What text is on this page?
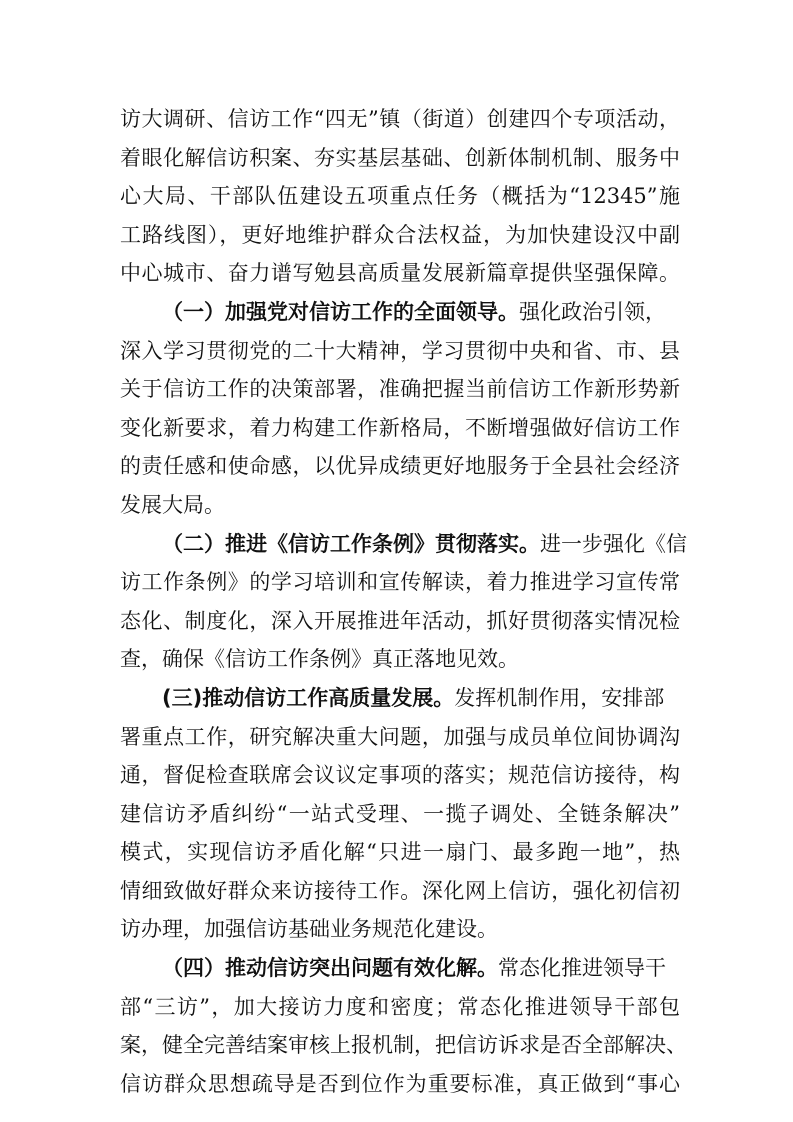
访大调研、信访工作“四无”镇（街道）创建四个专项活动，
着眼化解信访积案、夯实基层基础、创新体制机制、服务中
心大局、干部队伍建设五项重点任务（概括为“12345”施
工路线图），更好地维护群众合法权益，为加快建设汉中副
中心城市、奋力谱写勉县高质量发展新篇章提供坚强保障。
（一）加强党对信访工作的全面领导。强化政治引领，
深入学习贯彻党的二十大精神，学习贯彻中央和省、市、县
关于信访工作的决策部署，准确把握当前信访工作新形势新
变化新要求，着力构建工作新格局，不断增强做好信访工作
的责任感和使命感，以优异成绩更好地服务于全县社会经济
发展大局。
（二）推进《信访工作条例》贯彻落实。进一步强化《信
访工作条例》的学习培训和宣传解读，着力推进学习宣传常
态化、制度化，深入开展推进年活动，抓好贯彻落实情况检
查，确保《信访工作条例》真正落地见效。
(三)推动信访工作高质量发展。发挥机制作用，安排部
署重点工作，研究解决重大问题，加强与成员单位间协调沟
通，督促检查联席会议议定事项的落实；规范信访接待，构
建信访矛盾纠纷“一站式受理、一揽子调处、全链条解决”
模式，实现信访矛盾化解“只进一扇门、最多跑一地”，热
情细致做好群众来访接待工作。深化网上信访，强化初信初
访办理，加强信访基础业务规范化建设。
（四）推动信访突出问题有效化解。常态化推进领导干
部“三访”，加大接访力度和密度；常态化推进领导干部包
案，健全完善结案审核上报机制，把信访诉求是否全部解决、
信访群众思想疏导是否到位作为重要标准，真正做到“事心
